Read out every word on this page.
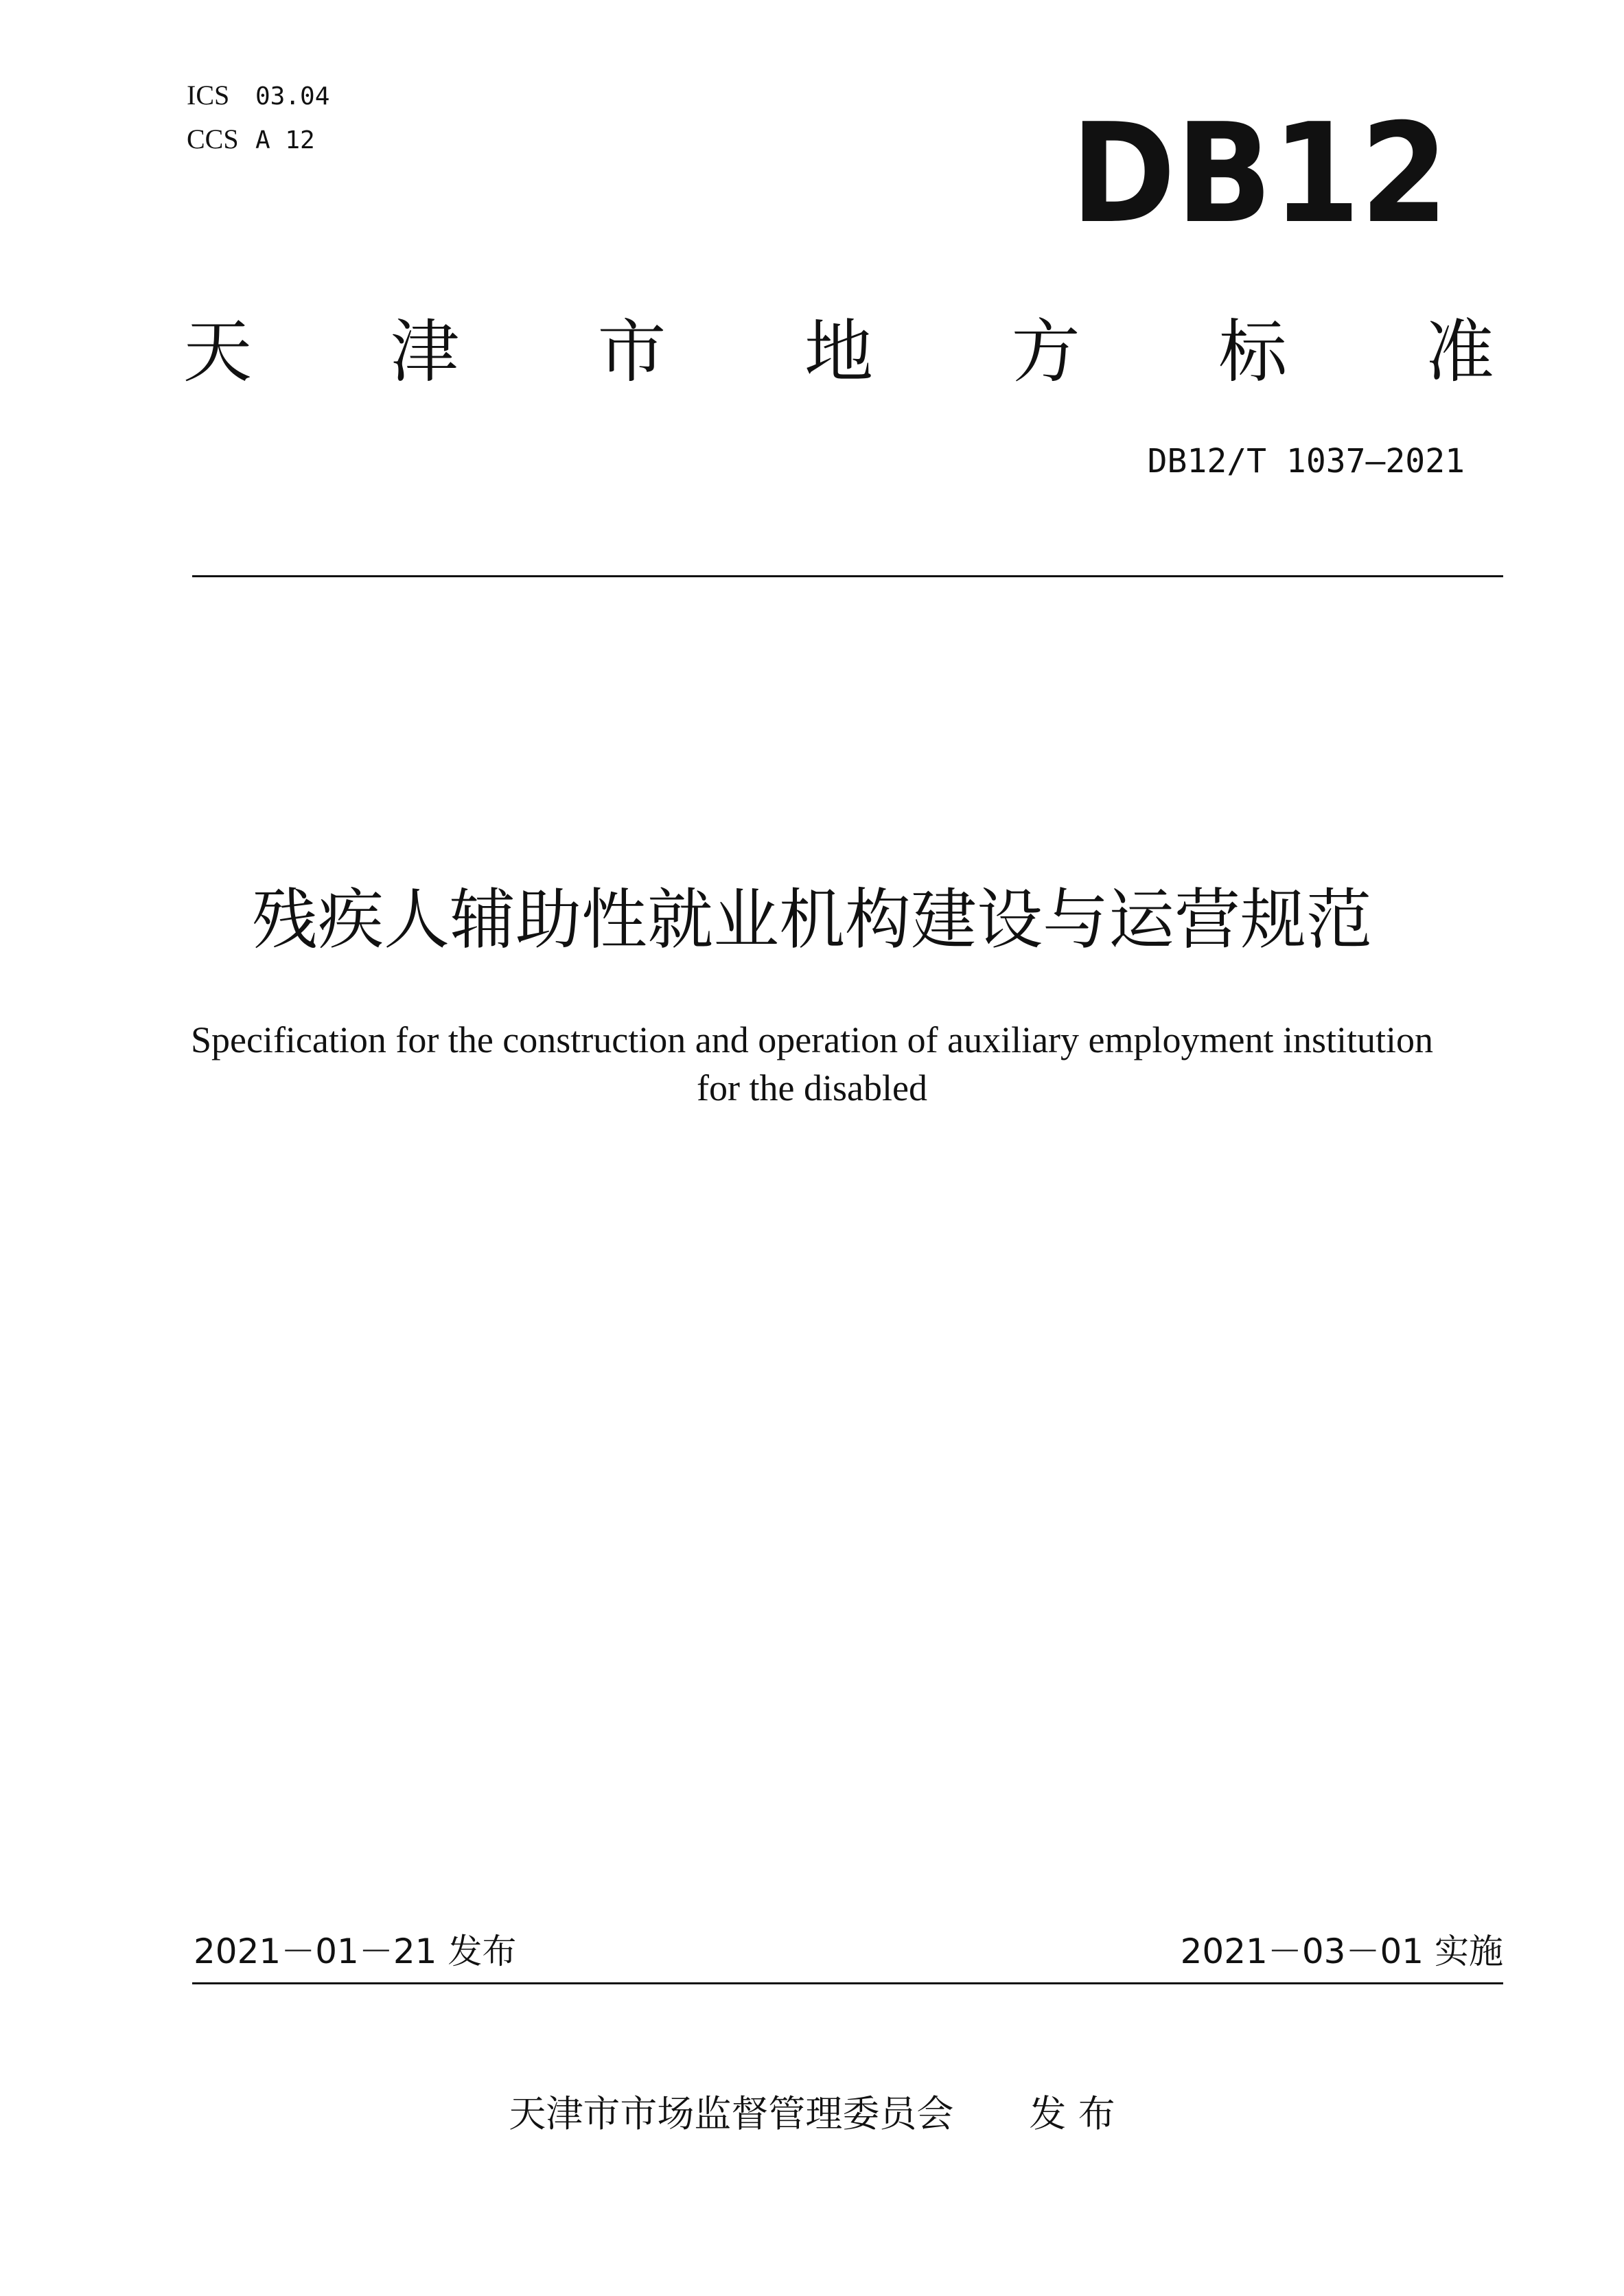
ICS	03.04
CCS A 12	DB12
天 津 市 地 方 标 准
DB12/T 1037—2021
残疾人辅助性就业机构建设与运营规范
Specification for the construction and operation of auxiliary employment institution
for the disabled
2021－01－21 发布	2021－03－01 实施
天津市市场监督管理委员会 发 布
